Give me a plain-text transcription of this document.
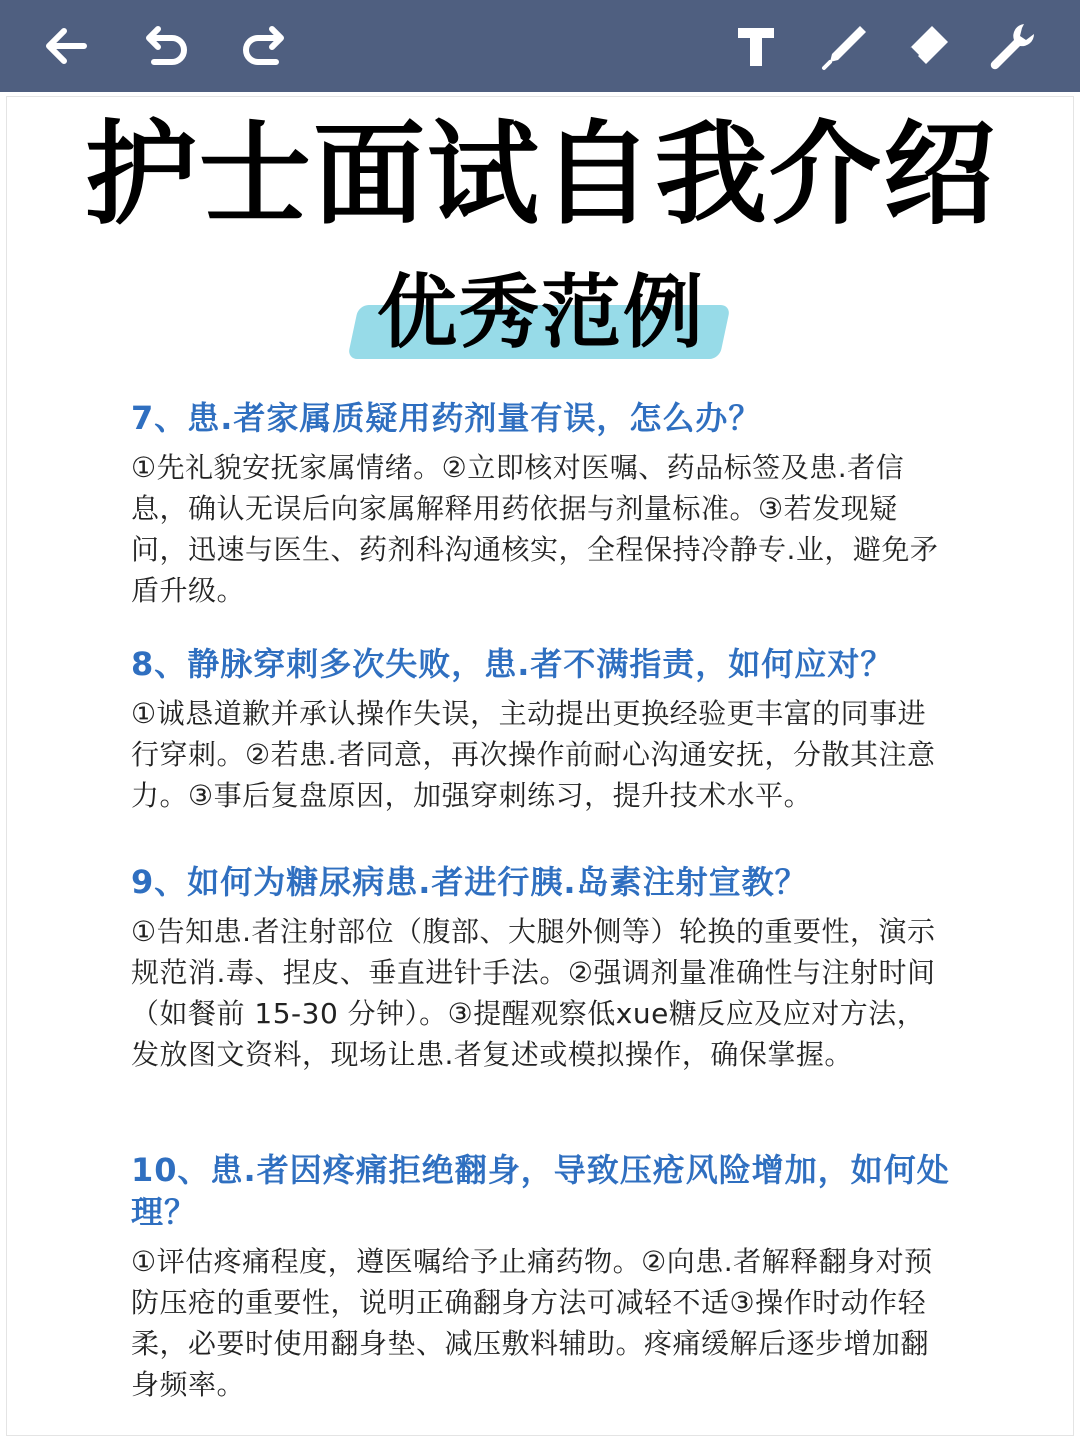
护士面试自我介绍
优秀范例

7、患.者家属质疑用药剂量有误，怎么办？

①先礼貌安抚家属情绪。②立即核对医嘱、药品标签及患.者信息，确认无误后向家属解释用药依据与剂量标准。③若发现疑问，迅速与医生、药剂科沟通核实，全程保持冷静专.业，避免矛盾升级。

8、静脉穿刺多次失败，患.者不满指责，如何应对？

①诚恳道歉并承认操作失误，主动提出更换经验更丰富的同事进行穿刺。②若患.者同意，再次操作前耐心沟通安抚，分散其注意力。③事后复盘原因，加强穿刺练习，提升技术水平。

9、如何为糖尿病患.者进行胰.岛素注射宣教？

①告知患.者注射部位（腹部、大腿外侧等）轮换的重要性，演示规范消.毒、捏皮、垂直进针手法。②强调剂量准确性与注射时间（如餐前 15-30 分钟）。③提醒观察低xue糖反应及应对方法，发放图文资料，现场让患.者复述或模拟操作，确保掌握。

10、患.者因疼痛拒绝翻身，导致压疮风险增加，如何处理？

①评估疼痛程度，遵医嘱给予止痛药物。②向患.者解释翻身对预防压疮的重要性，说明正确翻身方法可减轻不适③操作时动作轻柔，必要时使用翻身垫、减压敷料辅助。疼痛缓解后逐步增加翻身频率。
